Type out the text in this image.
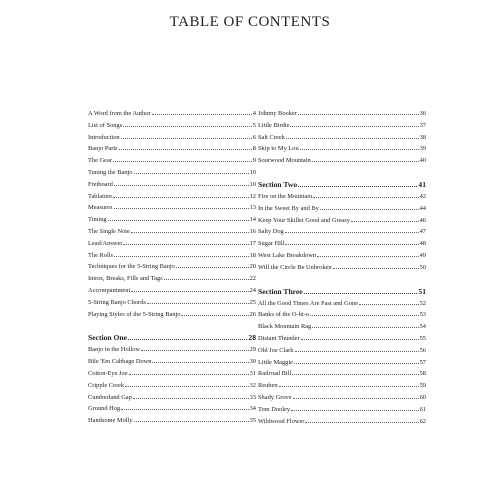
TABLE OF CONTENTS
A Word from the Author	4
List of Songs	5
Introduction	6
Banjo Parts	8
The Gear	9
Tuning the Banjo	10
Fretboard	10
Tablature	12
Measures	13
Timing	14
The Single Note	16
Lead/Answer	17
The Rolls	18
Techniques for the 5-String Banjo	20
Intros, Breaks, Fills and Tags	22
Accompaniment	24
5-String Banjo Chords	25
Playing Styles of the 5-String Banjo	26
Section One	28
Banjo in the Hollow	29
Bile 'Em Cabbage Down	30
Cotton-Eye Joe	31
Cripple Creek	32
Cumberland Gap	33
Ground Hog	34
Handsome Molly	35
Johnny Booker	36
Little Birdie	37
Salt Creek	38
Skip to My Lou	39
Sourwood Mountain	40
Section Two	41
Fire on the Mountain	42
In the Sweet By and By	44
Keep Your Skillet Good and Greasy	46
Salty Dog	47
Sugar Hill	48
West Lake Breakdown	49
Will the Circle Be Unbroken	50
Section Three	51
All the Good Times Are Past and Gone	52
Banks of the O-hi-o	53
Black Mountain Rag	54
Distant Thunder	55
Old Joe Clark	56
Little Maggie	57
Railroad Bill	58
Reuben	59
Shady Grove	60
Tom Dooley	61
Wildwood Flower	62
